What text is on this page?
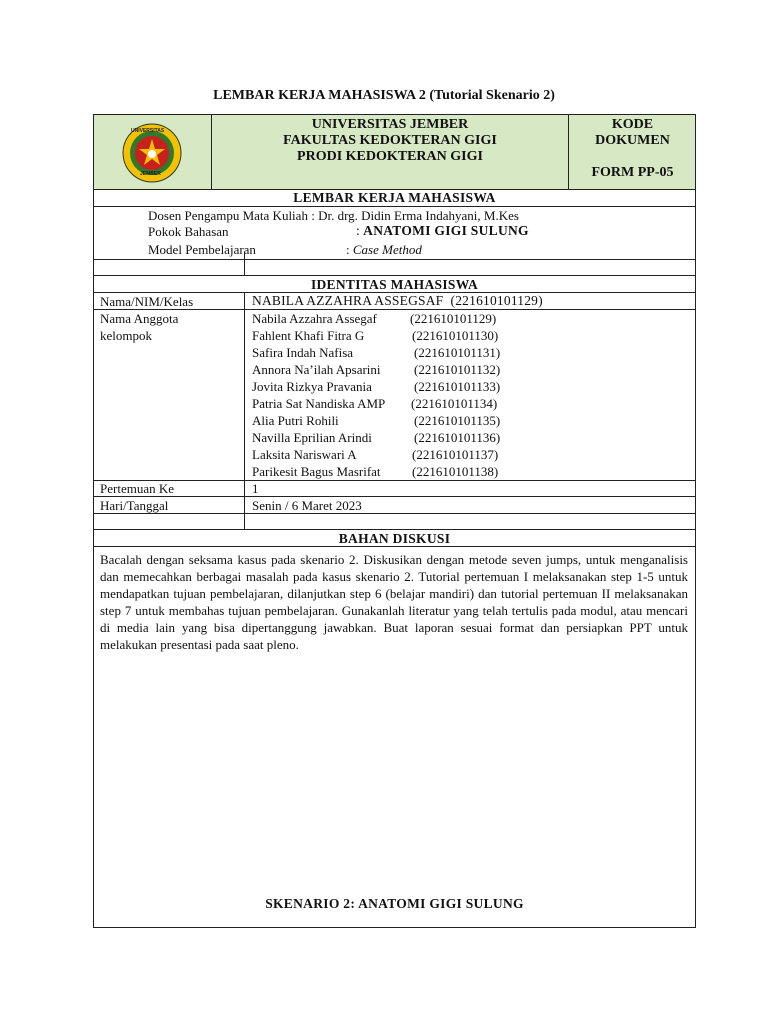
LEMBAR KERJA MAHASISWA 2 (Tutorial Skenario 2)
UNIVERSITAS
JEMBER
UNIVERSITAS JEMBER
FAKULTAS KEDOKTERAN GIGI
PRODI KEDOKTERAN GIGI
KODE
DOKUMEN
FORM PP-05
LEMBAR KERJA MAHASISWA
Dosen Pengampu Mata Kuliah : Dr. drg. Didin Erma Indahyani, M.Kes
Pokok Bahasan	: ANATOMI GIGI SULUNG
Model Pembelajaran	: Case Method
IDENTITAS MAHASISWA
Nama/NIM/Kelas	NABILA AZZAHRA ASSEGSAF  (221610101129)
Nama Anggota
kelompok
Nabila Azzahra Assegaf	(221610101129)
Fahlent Khafi Fitra G	(221610101130)
Safira Indah Nafisa	(221610101131)
Annora Na’ilah Apsarini	(221610101132)
Jovita Rizkya Pravania	(221610101133)
Patria Sat Nandiska AMP (221610101134)
Alia Putri Rohili	(221610101135)
Navilla Eprilian Arindi	(221610101136)
Laksita Nariswari A	(221610101137)
Parikesit Bagus Masrifat (221610101138)
Pertemuan Ke	1
Hari/Tanggal	Senin / 6 Maret 2023
BAHAN DISKUSI
Bacalah dengan seksama kasus pada skenario 2. Diskusikan dengan metode seven jumps, untuk menganalisis dan memecahkan berbagai masalah pada kasus skenario 2. Tutorial pertemuan I melaksanakan step 1-5 untuk mendapatkan tujuan pembelajaran, dilanjutkan step 6 (belajar mandiri) dan tutorial pertemuan II melaksanakan step 7 untuk membahas tujuan pembelajaran. Gunakanlah literatur yang telah tertulis pada modul, atau mencari di media lain yang bisa dipertanggung jawabkan. Buat laporan sesuai format dan persiapkan PPT untuk melakukan presentasi pada saat pleno.
SKENARIO 2: ANATOMI GIGI SULUNG
